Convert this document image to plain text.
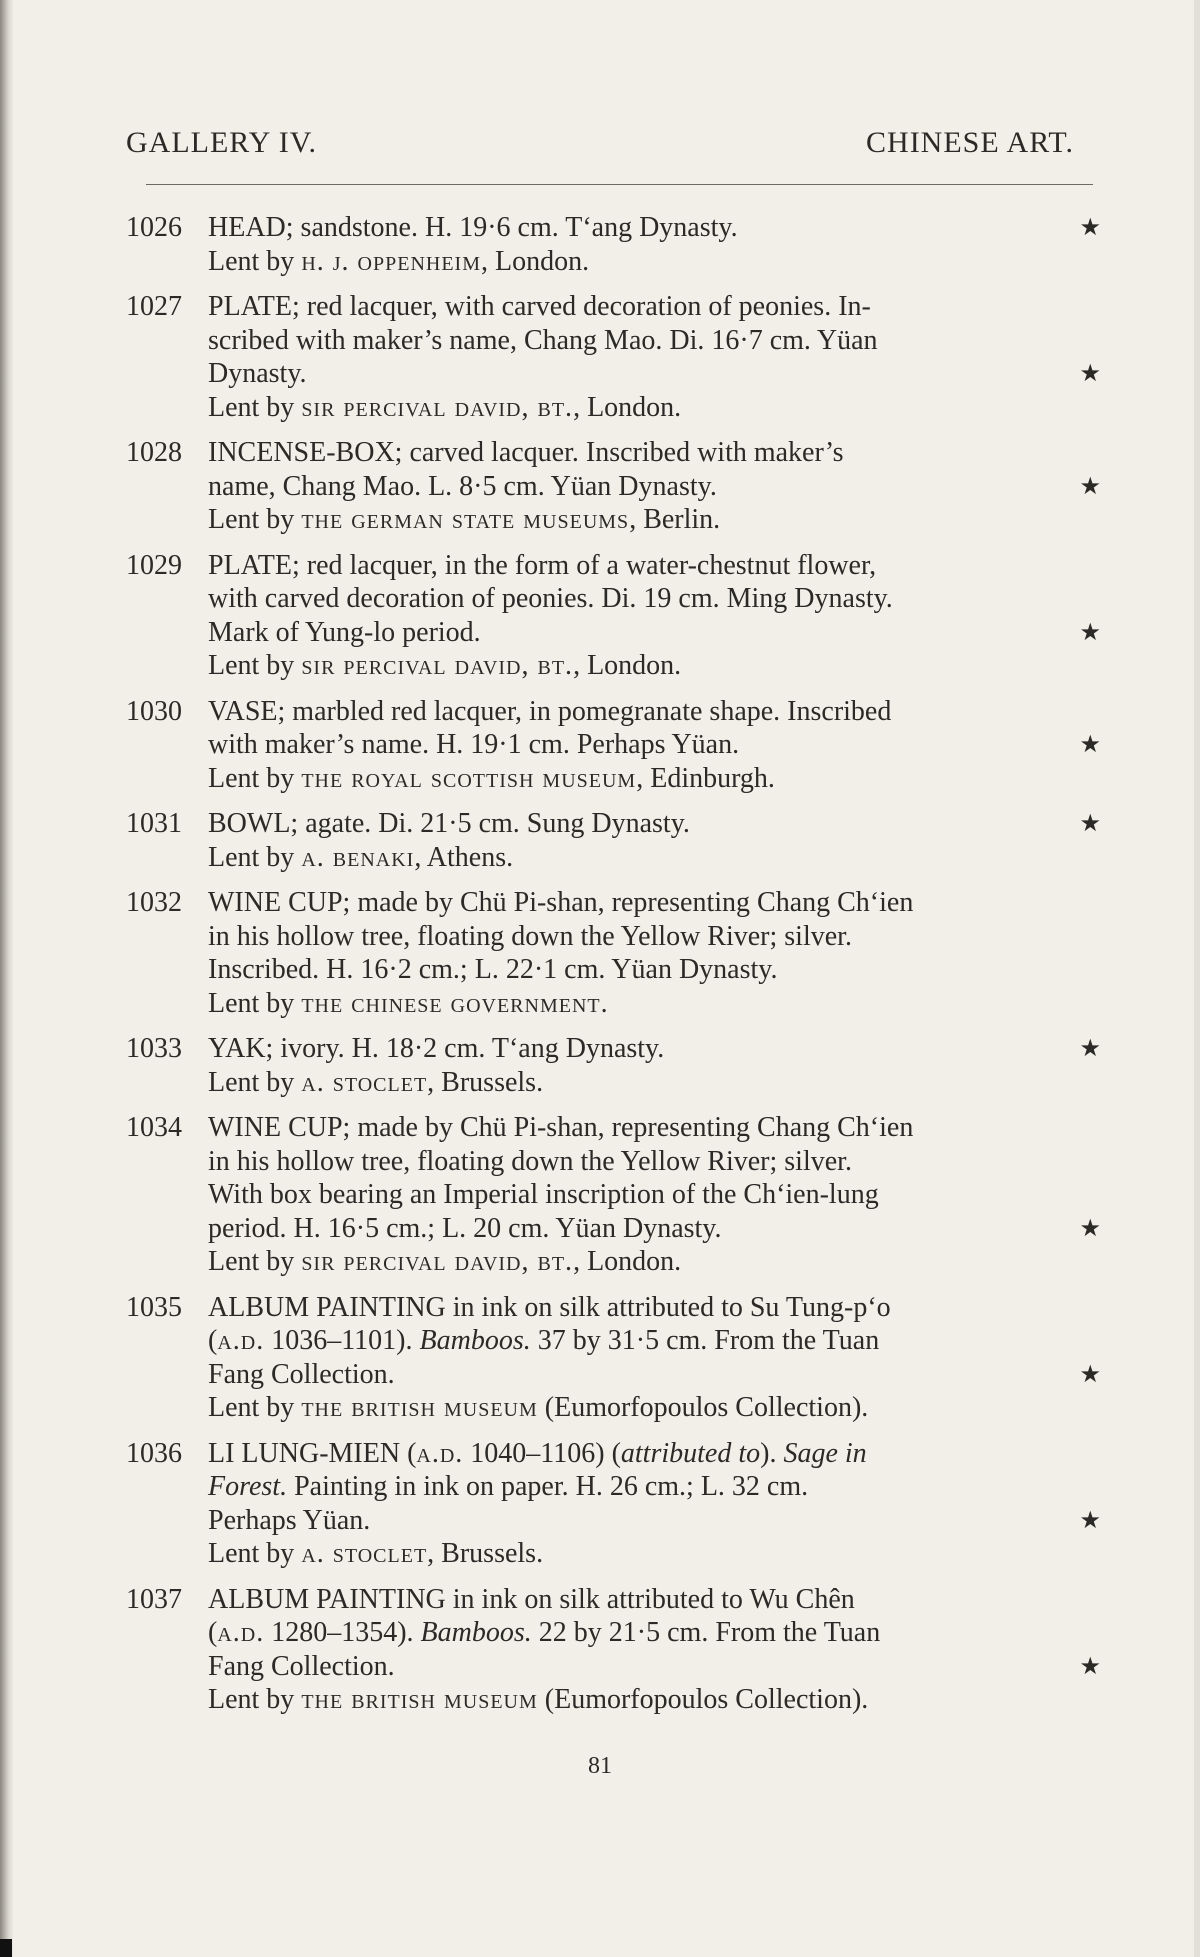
GALLERY IV.	CHINESE ART.
1026 HEAD; sandstone. H. 19·6 cm. T‘ang Dynasty.	★
Lent by h. j. oppenheim, London.
1027 PLATE; red lacquer, with carved decoration of peonies. In-
scribed with maker’s name, Chang Mao. Di. 16·7 cm. Yüan
Dynasty.	★
Lent by sir percival david, bt., London.
1028 INCENSE-BOX; carved lacquer. Inscribed with maker’s
name, Chang Mao. L. 8·5 cm. Yüan Dynasty.	★
Lent by the german state museums, Berlin.
1029 PLATE; red lacquer, in the form of a water-chestnut flower,
with carved decoration of peonies. Di. 19 cm. Ming Dynasty.
Mark of Yung-lo period.	★
Lent by sir percival david, bt., London.
1030 VASE; marbled red lacquer, in pomegranate shape. Inscribed
with maker’s name. H. 19·1 cm. Perhaps Yüan.	★
Lent by the royal scottish museum, Edinburgh.
1031 BOWL; agate. Di. 21·5 cm. Sung Dynasty.	★
Lent by a. benaki, Athens.
1032 WINE CUP; made by Chü Pi-shan, representing Chang Ch‘ien
in his hollow tree, floating down the Yellow River; silver.
Inscribed. H. 16·2 cm.; L. 22·1 cm. Yüan Dynasty.
Lent by the chinese government.
1033 YAK; ivory. H. 18·2 cm. T‘ang Dynasty.	★
Lent by a. stoclet, Brussels.
1034 WINE CUP; made by Chü Pi-shan, representing Chang Ch‘ien
in his hollow tree, floating down the Yellow River; silver.
With box bearing an Imperial inscription of the Ch‘ien-lung
period. H. 16·5 cm.; L. 20 cm. Yüan Dynasty.	★
Lent by sir percival david, bt., London.
1035 ALBUM PAINTING in ink on silk attributed to Su Tung-p‘o
(a.d. 1036–1101). Bamboos. 37 by 31·5 cm. From the Tuan
Fang Collection.	★
Lent by the british museum (Eumorfopoulos Collection).
1036 LI LUNG-MIEN (a.d. 1040–1106) (attributed to). Sage in
Forest. Painting in ink on paper. H. 26 cm.; L. 32 cm.
Perhaps Yüan.	★
Lent by a. stoclet, Brussels.
1037 ALBUM PAINTING in ink on silk attributed to Wu Chên
(a.d. 1280–1354). Bamboos. 22 by 21·5 cm. From the Tuan
Fang Collection.	★
Lent by the british museum (Eumorfopoulos Collection).
81
